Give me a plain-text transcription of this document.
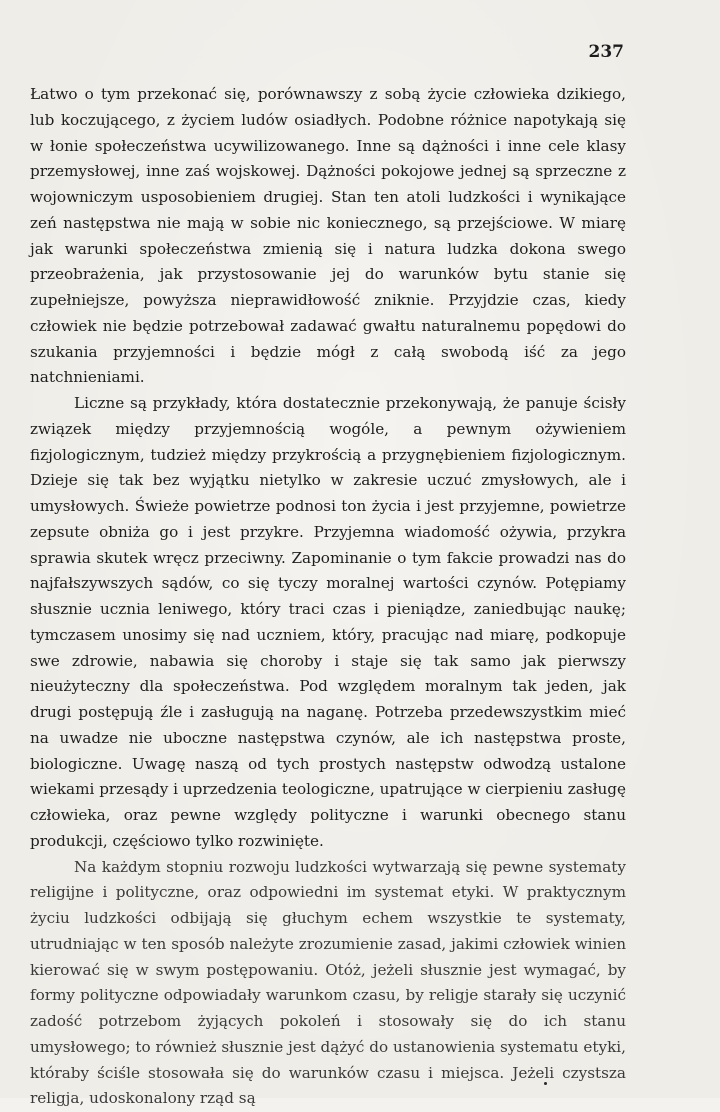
237

Łatwo o tym przekonać się, porównawszy z sobą życie człowieka dzikiego, lub koczującego, z życiem ludów osiadłych. Podobne różnice napotykają się w łonie społeczeństwa ucywilizowanego. Inne są dążności i inne cele klasy przemysłowej, inne zaś wojskowej. Dążności pokojowe jednej są sprzeczne z wojowniczym usposobieniem drugiej. Stan ten atoli ludzkości i wynikające zeń następstwa nie mają w sobie nic koniecznego, są przejściowe. W miarę jak warunki społeczeństwa zmienią się i natura ludzka dokona swego przeobrażenia, jak przystosowanie jej do warunków bytu stanie się zupełniejsze, powyższa nieprawidłowość zniknie. Przyjdzie czas, kiedy człowiek nie będzie potrzebował zadawać gwałtu naturalnemu popędowi do szukania przyjemności i będzie mógł z całą swobodą iść za jego natchnieniami.

Liczne są przykłady, która dostatecznie przekonywają, że panuje ścisły związek między przyjemnością wogóle, a pewnym ożywieniem fizjologicznym, tudzież między przykrością a przygnębieniem fizjologicznym. Dzieje się tak bez wyjątku nietylko w zakresie uczuć zmysłowych, ale i umysłowych. Świeże powietrze podnosi ton życia i jest przyjemne, powietrze zepsute obniża go i jest przykre. Przyjemna wiadomość ożywia, przykra sprawia skutek wręcz przeciwny. Zapominanie o tym fakcie prowadzi nas do najfałszywszych sądów, co się tyczy moralnej wartości czynów. Potępiamy słusznie ucznia leniwego, który traci czas i pieniądze, zaniedbując naukę; tymczasem unosimy się nad uczniem, który, pracując nad miarę, podkopuje swe zdrowie, nabawia się choroby i staje się tak samo jak pierwszy nieużyteczny dla społeczeństwa. Pod względem moralnym tak jeden, jak drugi postępują źle i zasługują na naganę. Potrzeba przedewszystkim mieć na uwadze nie uboczne następstwa czynów, ale ich następstwa proste, biologiczne. Uwagę naszą od tych prostych następstw odwodzą ustalone wiekami przesądy i uprzedzenia teologiczne, upatrujące w cierpieniu zasługę człowieka, oraz pewne względy polityczne i warunki obecnego stanu produkcji, częściowo tylko rozwinięte.

Na każdym stopniu rozwoju ludzkości wytwarzają się pewne systematy religijne i polityczne, oraz odpowiedni im systemat etyki. W praktycznym życiu ludzkości odbijają się głuchym echem wszystkie te systematy, utrudniając w ten sposób należyte zrozumienie zasad, jakimi człowiek winien kierować się w swym postępowaniu. Otóż, jeżeli słusznie jest wymagać, by formy polityczne odpowiadały warunkom czasu, by religje starały się uczynić zadość potrzebom żyjących pokoleń i stosowały się do ich stanu umysłowego; to również słusznie jest dążyć do ustanowienia systematu etyki, któraby ściśle stosowała się do warunków czasu i miejsca. Jeżeli czystsza religja, udoskonalony rząd są
